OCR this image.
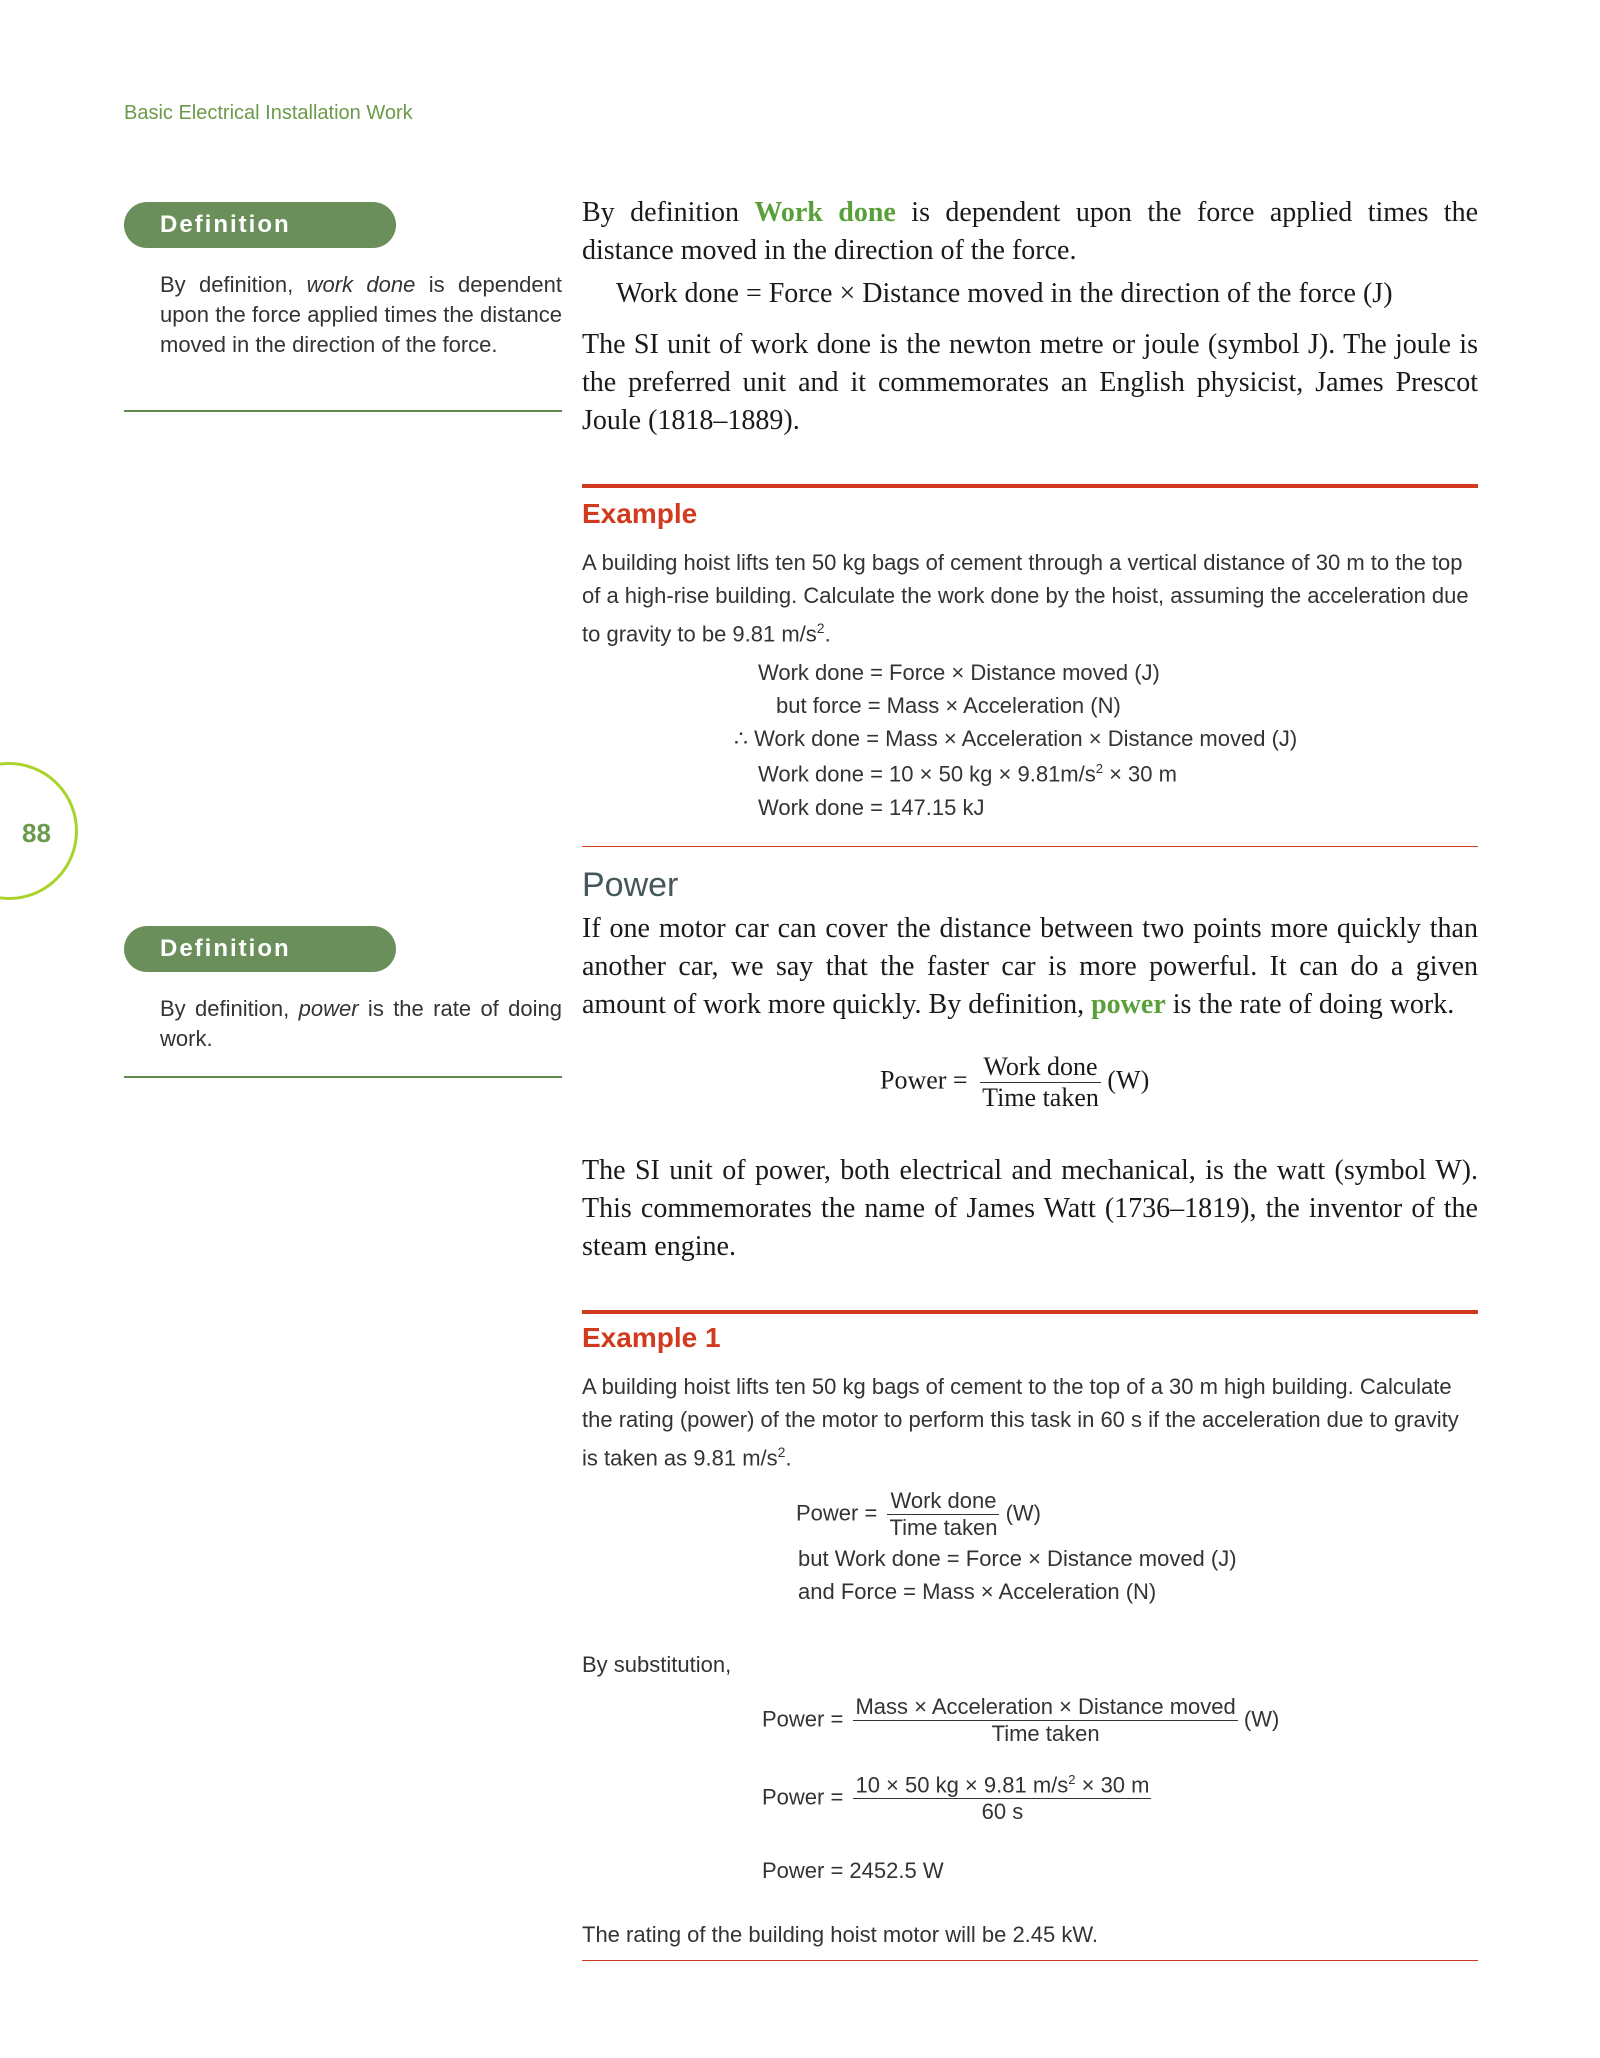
Basic Electrical Installation Work
88
Definition
By definition, work done is dependent upon the force applied times the distance moved in the direction of the force.
Definition
By definition, power is the rate of doing work.
By definition Work done is dependent upon the force applied times the distance moved in the direction of the force.
Work done = Force × Distance moved in the direction of the force (J)
The SI unit of work done is the newton metre or joule (symbol J). The joule is the preferred unit and it commemorates an English physicist, James Prescot Joule (1818–1889).
Example
A building hoist lifts ten 50 kg bags of cement through a vertical distance of 30 m to the top of a high-rise building. Calculate the work done by the hoist, assuming the acceleration due to gravity to be 9.81 $m/s^2$.
Work done = Force × Distance moved (J)
but force = Mass × Acceleration (N)
∴ Work done = Mass × Acceleration × Distance moved (J)
Work done = 10 × 50 kg × $9.81m/s^2 \times 30$ m
Work done = 147.15 kJ
Power
If one motor car can cover the distance between two points more quickly than another car, we say that the faster car is more powerful. It can do a given amount of work more quickly. By definition, power is the rate of doing work.
Power = $\frac{\text{Work done}}{\text{Time taken}} (W)$
The SI unit of power, both electrical and mechanical, is the watt (symbol W). This commemorates the name of James Watt (1736–1819), the inventor of the steam engine.
Example 1
A building hoist lifts ten 50 kg bags of cement to the top of a 30 m high building. Calculate the rating (power) of the motor to perform this task in 60 s if the acceleration due to gravity is taken as 9.81 $m/s^2$.
Power = $\frac{\text{Work done}}{\text{Time taken}} (W)$
but Work done = Force × Distance moved (J)
and Force = Mass × Acceleration (N)
By substitution,
Power = $\frac{\text{Mass × Acceleration × Distance moved}}{\text{Time taken}} (W)$
Power = $\frac{10 \times 50 kg \times 9.81 m/s^2 \times 30 m}{60 s}$
Power = 2452.5 W
The rating of the building hoist motor will be 2.45 kW.
